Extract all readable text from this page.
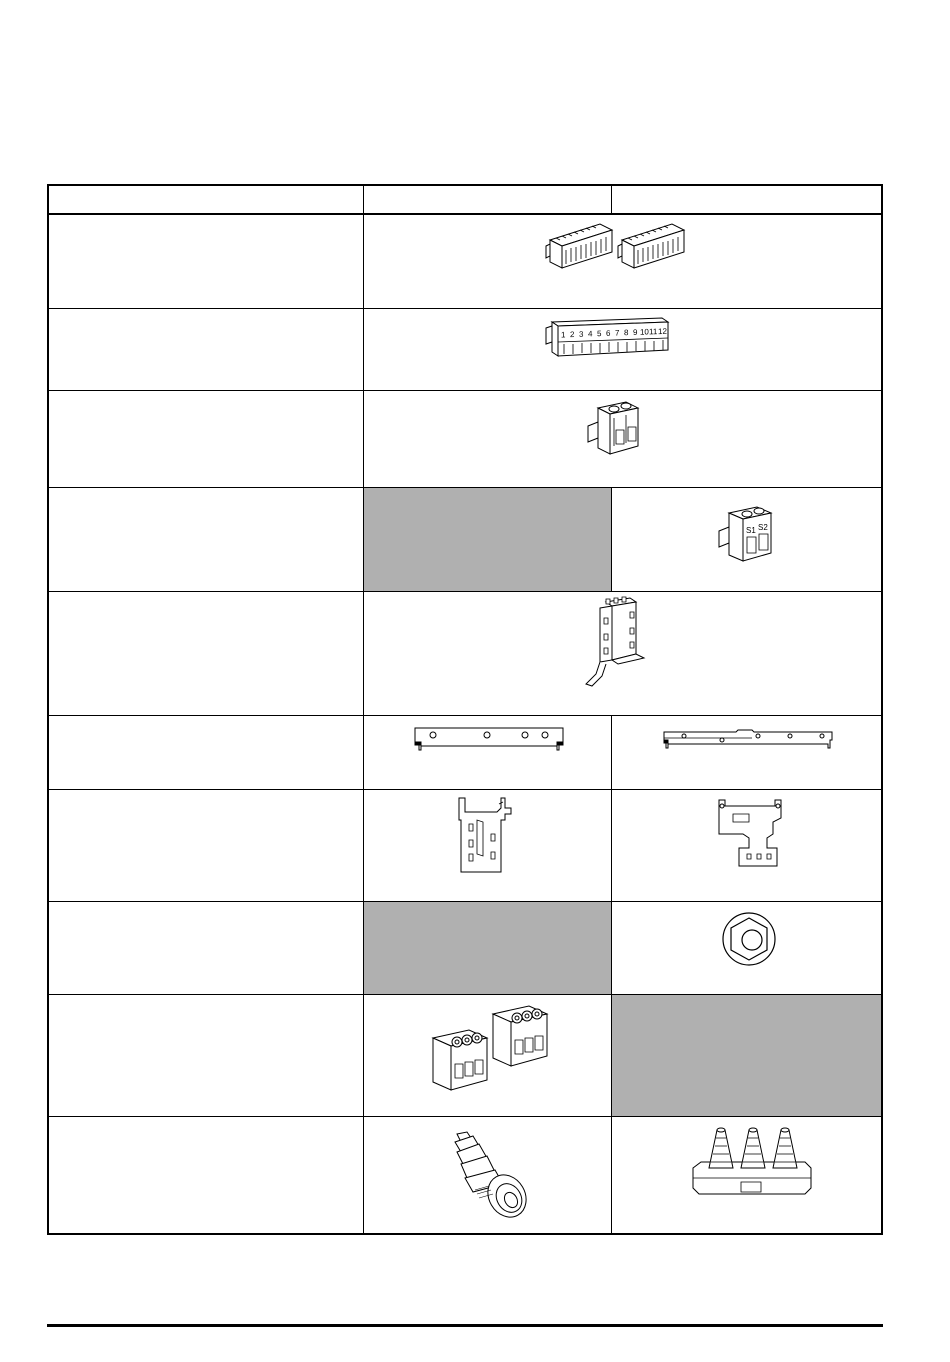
1 2 3 4 5 6 7 8 9 10 11 12
S1 S2
